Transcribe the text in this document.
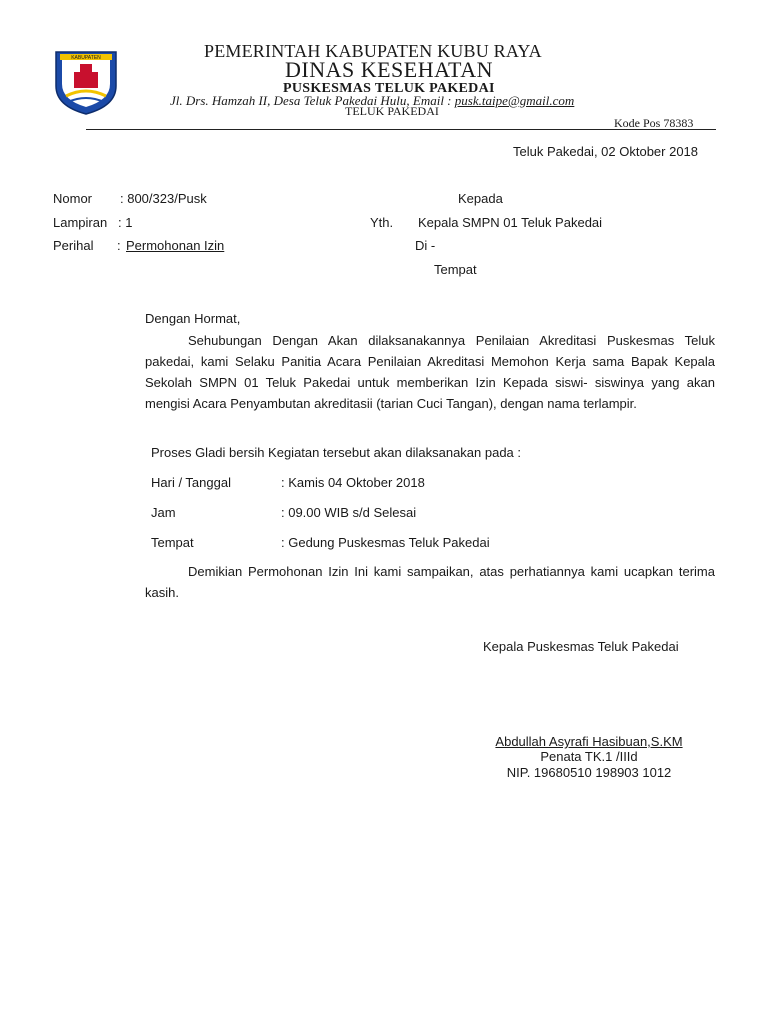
KABUPATEN	PEMERINTAH KABUPATEN KUBU RAYA
DINAS KESEHATAN
PUSKESMAS TELUK PAKEDAI
Jl. Drs. Hamzah II, Desa Teluk Pakedai Hulu, Email : pusk.taipe@gmail.com
TELUK PAKEDAI
Kode Pos 78383
Teluk Pakedai, 02 Oktober 2018
Nomor : 800/323/Pusk
Lampiran : 1
Perihal : Permohonan Izin
Kepada
Yth. Kepala SMPN 01 Teluk Pakedai
Di -
Tempat
Dengan Hormat,
Sehubungan Dengan Akan dilaksanakannya Penilaian Akreditasi Puskesmas Teluk pakedai, kami Selaku Panitia Acara Penilaian Akreditasi Memohon Kerja sama Bapak Kepala Sekolah SMPN 01 Teluk Pakedai untuk memberikan Izin Kepada siswi- siswinya yang akan mengisi Acara Penyambutan akreditasii (tarian Cuci Tangan), dengan nama terlampir.
Proses Gladi bersih Kegiatan tersebut akan dilaksanakan pada :
Hari / Tanggal	: Kamis 04 Oktober 2018
Jam	: 09.00 WIB s/d Selesai
Tempat	: Gedung Puskesmas Teluk Pakedai
Demikian Permohonan Izin Ini kami sampaikan, atas perhatiannya kami ucapkan terima kasih.
Kepala Puskesmas Teluk Pakedai
Abdullah Asyrafi Hasibuan,S.KM
Penata TK.1 /IIId
NIP. 19680510 198903 1012
